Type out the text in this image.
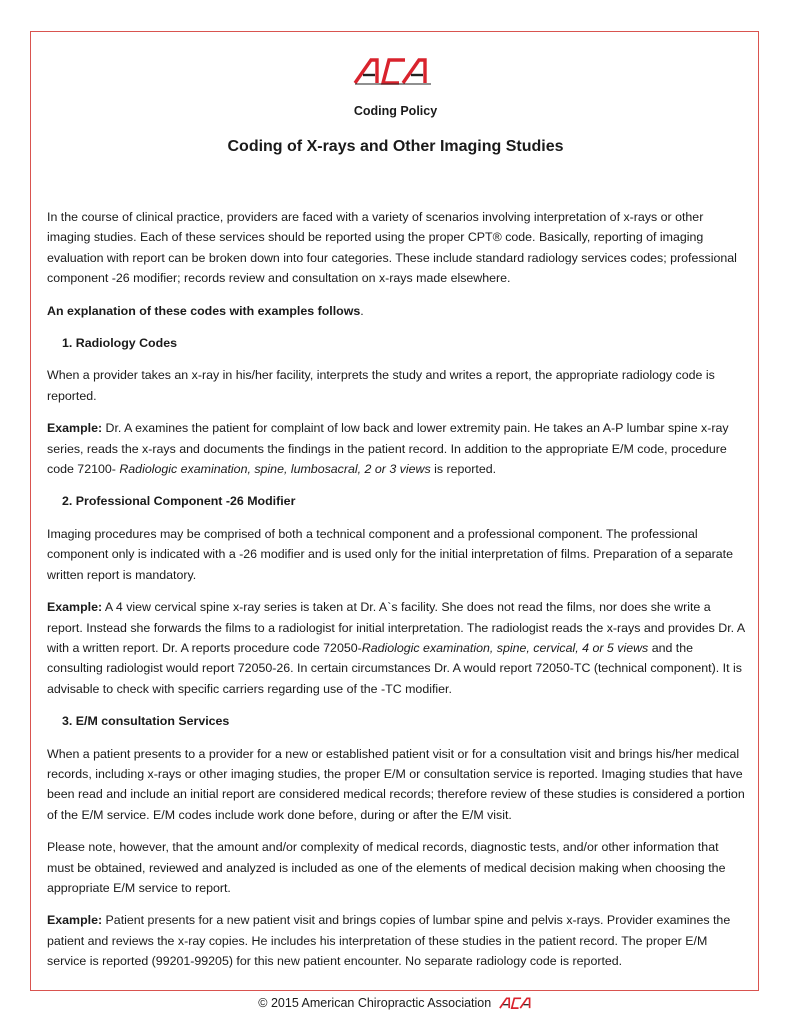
Coding Policy
Coding of X-rays and Other Imaging Studies

In the course of clinical practice, providers are faced with a variety of scenarios involving interpretation of x-rays or other imaging studies. Each of these services should be reported using the proper CPT® code. Basically, reporting of imaging evaluation with report can be broken down into four categories. These include standard radiology services codes; professional component -26 modifier; records review and consultation on x-rays made elsewhere.

An explanation of these codes with examples follows.

1. Radiology Codes

When a provider takes an x-ray in his/her facility, interprets the study and writes a report, the appropriate radiology code is reported.

Example: Dr. A examines the patient for complaint of low back and lower extremity pain. He takes an A-P lumbar spine x-ray series, reads the x-rays and documents the findings in the patient record. In addition to the appropriate E/M code, procedure code 72100- Radiologic examination, spine, lumbosacral, 2 or 3 views is reported.

2. Professional Component -26 Modifier

Imaging procedures may be comprised of both a technical component and a professional component. The professional component only is indicated with a -26 modifier and is used only for the initial interpretation of films. Preparation of a separate written report is mandatory.

Example: A 4 view cervical spine x-ray series is taken at Dr. A`s facility. She does not read the films, nor does she write a report. Instead she forwards the films to a radiologist for initial interpretation. The radiologist reads the x-rays and provides Dr. A with a written report. Dr. A reports procedure code 72050-Radiologic examination, spine, cervical, 4 or 5 views and the consulting radiologist would report 72050-26. In certain circumstances Dr. A would report 72050-TC (technical component). It is advisable to check with specific carriers regarding use of the -TC modifier.

3. E/M consultation Services

When a patient presents to a provider for a new or established patient visit or for a consultation visit and brings his/her medical records, including x-rays or other imaging studies, the proper E/M or consultation service is reported. Imaging studies that have been read and include an initial report are considered medical records; therefore review of these studies is considered a portion of the E/M service. E/M codes include work done before, during or after the E/M visit.

Please note, however, that the amount and/or complexity of medical records, diagnostic tests, and/or other information that must be obtained, reviewed and analyzed is included as one of the elements of medical decision making when choosing the appropriate E/M service to report.

Example: Patient presents for a new patient visit and brings copies of lumbar spine and pelvis x-rays. Provider examines the patient and reviews the x-ray copies. He includes his interpretation of these studies in the patient record. The proper E/M service is reported (99201-99205) for this new patient encounter. No separate radiology code is reported.

© 2015 American Chiropractic Association
